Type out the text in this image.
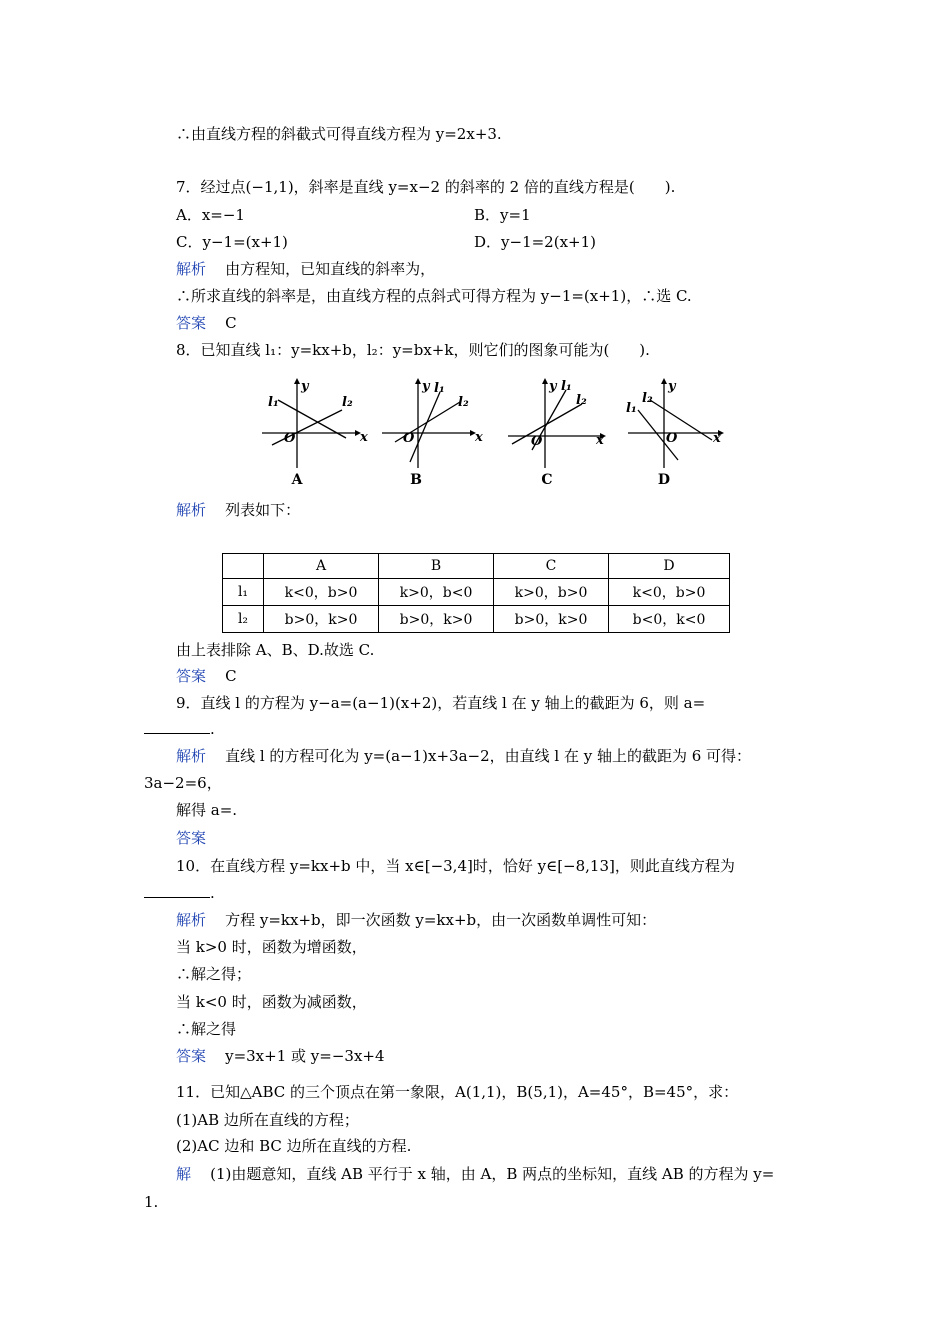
∴由直线方程的斜截式可得直线方程为 y=2x+3.
7．经过点(−1,1)，斜率是直线 y=x−2 的斜率的 2 倍的直线方程是(　　).
A．x=−1	B．y=1
C．y−1=(x+1)	D．y−1=2(x+1)
解析 由方程知，已知直线的斜率为，
∴所求直线的斜率是，由直线方程的点斜式可得方程为 y−1=(x+1)，∴选 C.
答案 C
8．已知直线 l₁：y=kx+b，l₂：y=bx+k，则它们的图象可能为(　　).
x
y
O
l₁	l₂
x
y
O
l₁
l₂
x
y
O
l₁
l₂
x
y
O
l₁
l₂
A	B	C	D
解析 列表如下：
	A	B	C	D
l₁	k<0，b>0	k>0，b<0	k>0，b>0	k<0，b>0
l₂	b>0，k>0	b>0，k>0	b>0，k>0	b<0，k<0
由上表排除 A、B、D.故选 C.
答案 C
9．直线 l 的方程为 y−a=(a−1)(x+2)，若直线 l 在 y 轴上的截距为 6，则 a=
.
解析 直线 l 的方程可化为 y=(a−1)x+3a−2，由直线 l 在 y 轴上的截距为 6 可得：
3a−2=6，
解得 a=.
答案
10．在直线方程 y=kx+b 中，当 x∈[−3,4]时，恰好 y∈[−8,13]，则此直线方程为
.
解析 方程 y=kx+b，即一次函数 y=kx+b，由一次函数单调性可知：
当 k>0 时，函数为增函数，
∴解之得；
当 k<0 时，函数为减函数，
∴解之得
答案 y=3x+1 或 y=−3x+4
11．已知△ABC 的三个顶点在第一象限，A(1,1)，B(5,1)，A=45°，B=45°，求：
(1)AB 边所在直线的方程；
(2)AC 边和 BC 边所在直线的方程.
解 (1)由题意知，直线 AB 平行于 x 轴，由 A，B 两点的坐标知，直线 AB 的方程为 y=
1.
